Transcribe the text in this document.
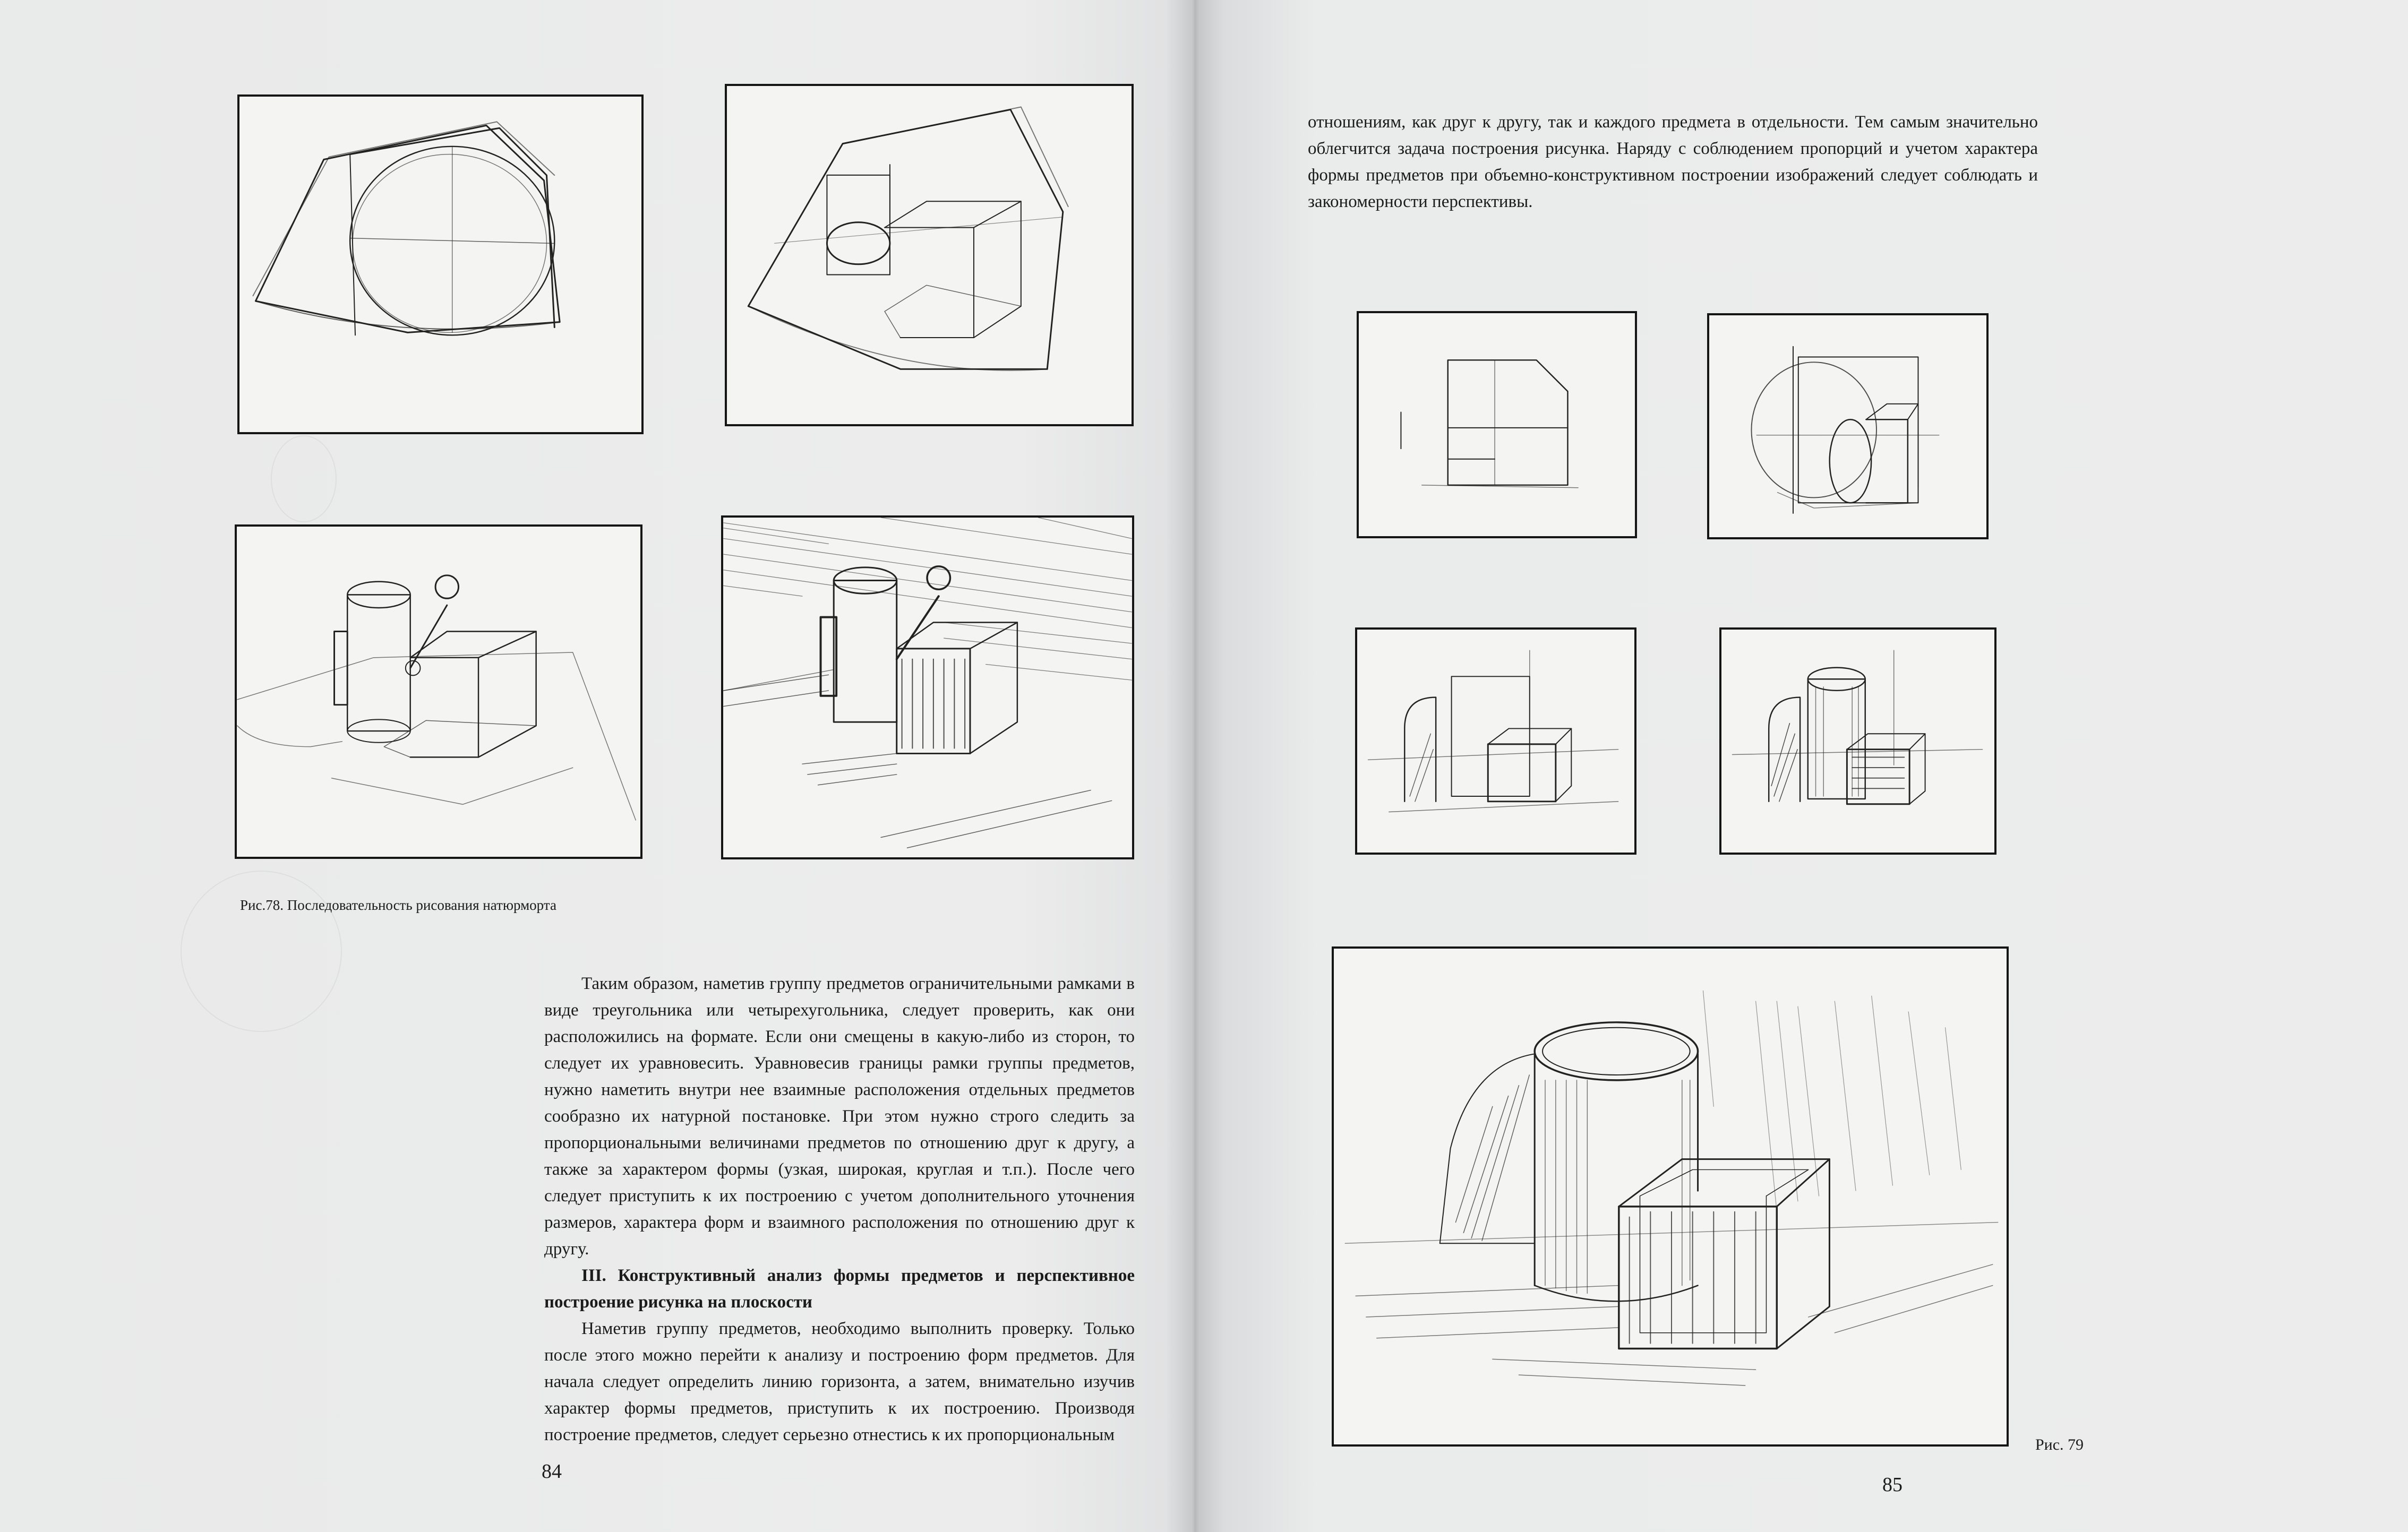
Рис.78. Последовательность рисования натюрморта

Таким образом, наметив группу предметов ограничительными рамками в виде треугольника или четырехугольника, следует проверить, как они расположились на формате. Если они смещены в какую-либо из сторон, то следует их уравновесить. Уравновесив границы рамки группы предметов, нужно наметить внутри нее взаимные расположения отдельных предметов сообразно их натурной постановке. При этом нужно строго следить за пропорциональными величинами предметов по отношению друг к другу, а также за характером формы (узкая, широкая, круглая и т.п.). После чего следует приступить к их построению с учетом дополнительного уточнения размеров, характера форм и взаимного расположения по отношению друг к другу.

III. Конструктивный анализ формы предметов и перспективное построение рисунка на плоскости

Наметив группу предметов, необходимо выполнить проверку. Только после этого можно перейти к анализу и построению форм предметов. Для начала следует определить линию горизонта, а затем, внимательно изучив характер формы предметов, приступить к их построению. Производя построение предметов, следует серьезно отнестись к их пропорциональным

84

отношениям, как друг к другу, так и каждого предмета в отдельности. Тем самым значительно облегчится задача построения рисунка. Наряду с соблюдением пропорций и учетом характера формы предметов при объемно-конструктивном построении изображений следует соблюдать и закономерности перспективы.

Рис. 79
85
